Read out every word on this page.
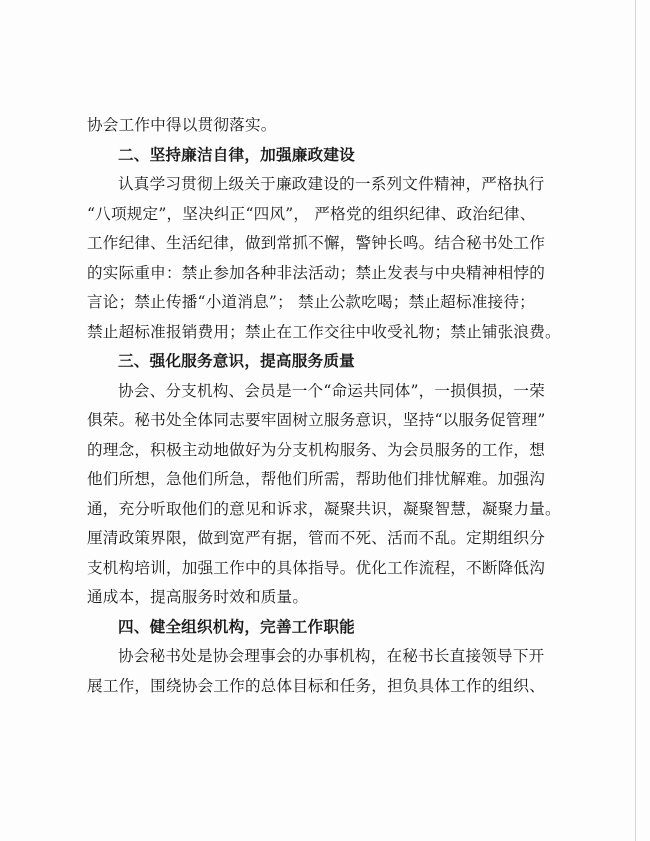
协会工作中得以贯彻落实。
二、坚持廉洁自律，加强廉政建设
认真学习贯彻上级关于廉政建设的一系列文件精神，严格执行
“八项规定”，坚决纠正“四风”， 严格党的组织纪律、政治纪律、
工作纪律、生活纪律，做到常抓不懈，警钟长鸣。结合秘书处工作
的实际重申：禁止参加各种非法活动；禁止发表与中央精神相悖的
言论；禁止传播“小道消息”； 禁止公款吃喝；禁止超标准接待；
禁止超标准报销费用；禁止在工作交往中收受礼物；禁止铺张浪费。
三、强化服务意识，提高服务质量
协会、分支机构、会员是一个“命运共同体”，一损俱损，一荣
俱荣。秘书处全体同志要牢固树立服务意识，坚持“以服务促管理”
的理念，积极主动地做好为分支机构服务、为会员服务的工作，想
他们所想，急他们所急，帮他们所需，帮助他们排忧解难。加强沟
通，充分听取他们的意见和诉求，凝聚共识，凝聚智慧，凝聚力量。
厘清政策界限，做到宽严有据，管而不死、活而不乱。定期组织分
支机构培训，加强工作中的具体指导。优化工作流程，不断降低沟
通成本，提高服务时效和质量。
四、健全组织机构，完善工作职能
协会秘书处是协会理事会的办事机构，在秘书长直接领导下开
展工作，围绕协会工作的总体目标和任务，担负具体工作的组织、
